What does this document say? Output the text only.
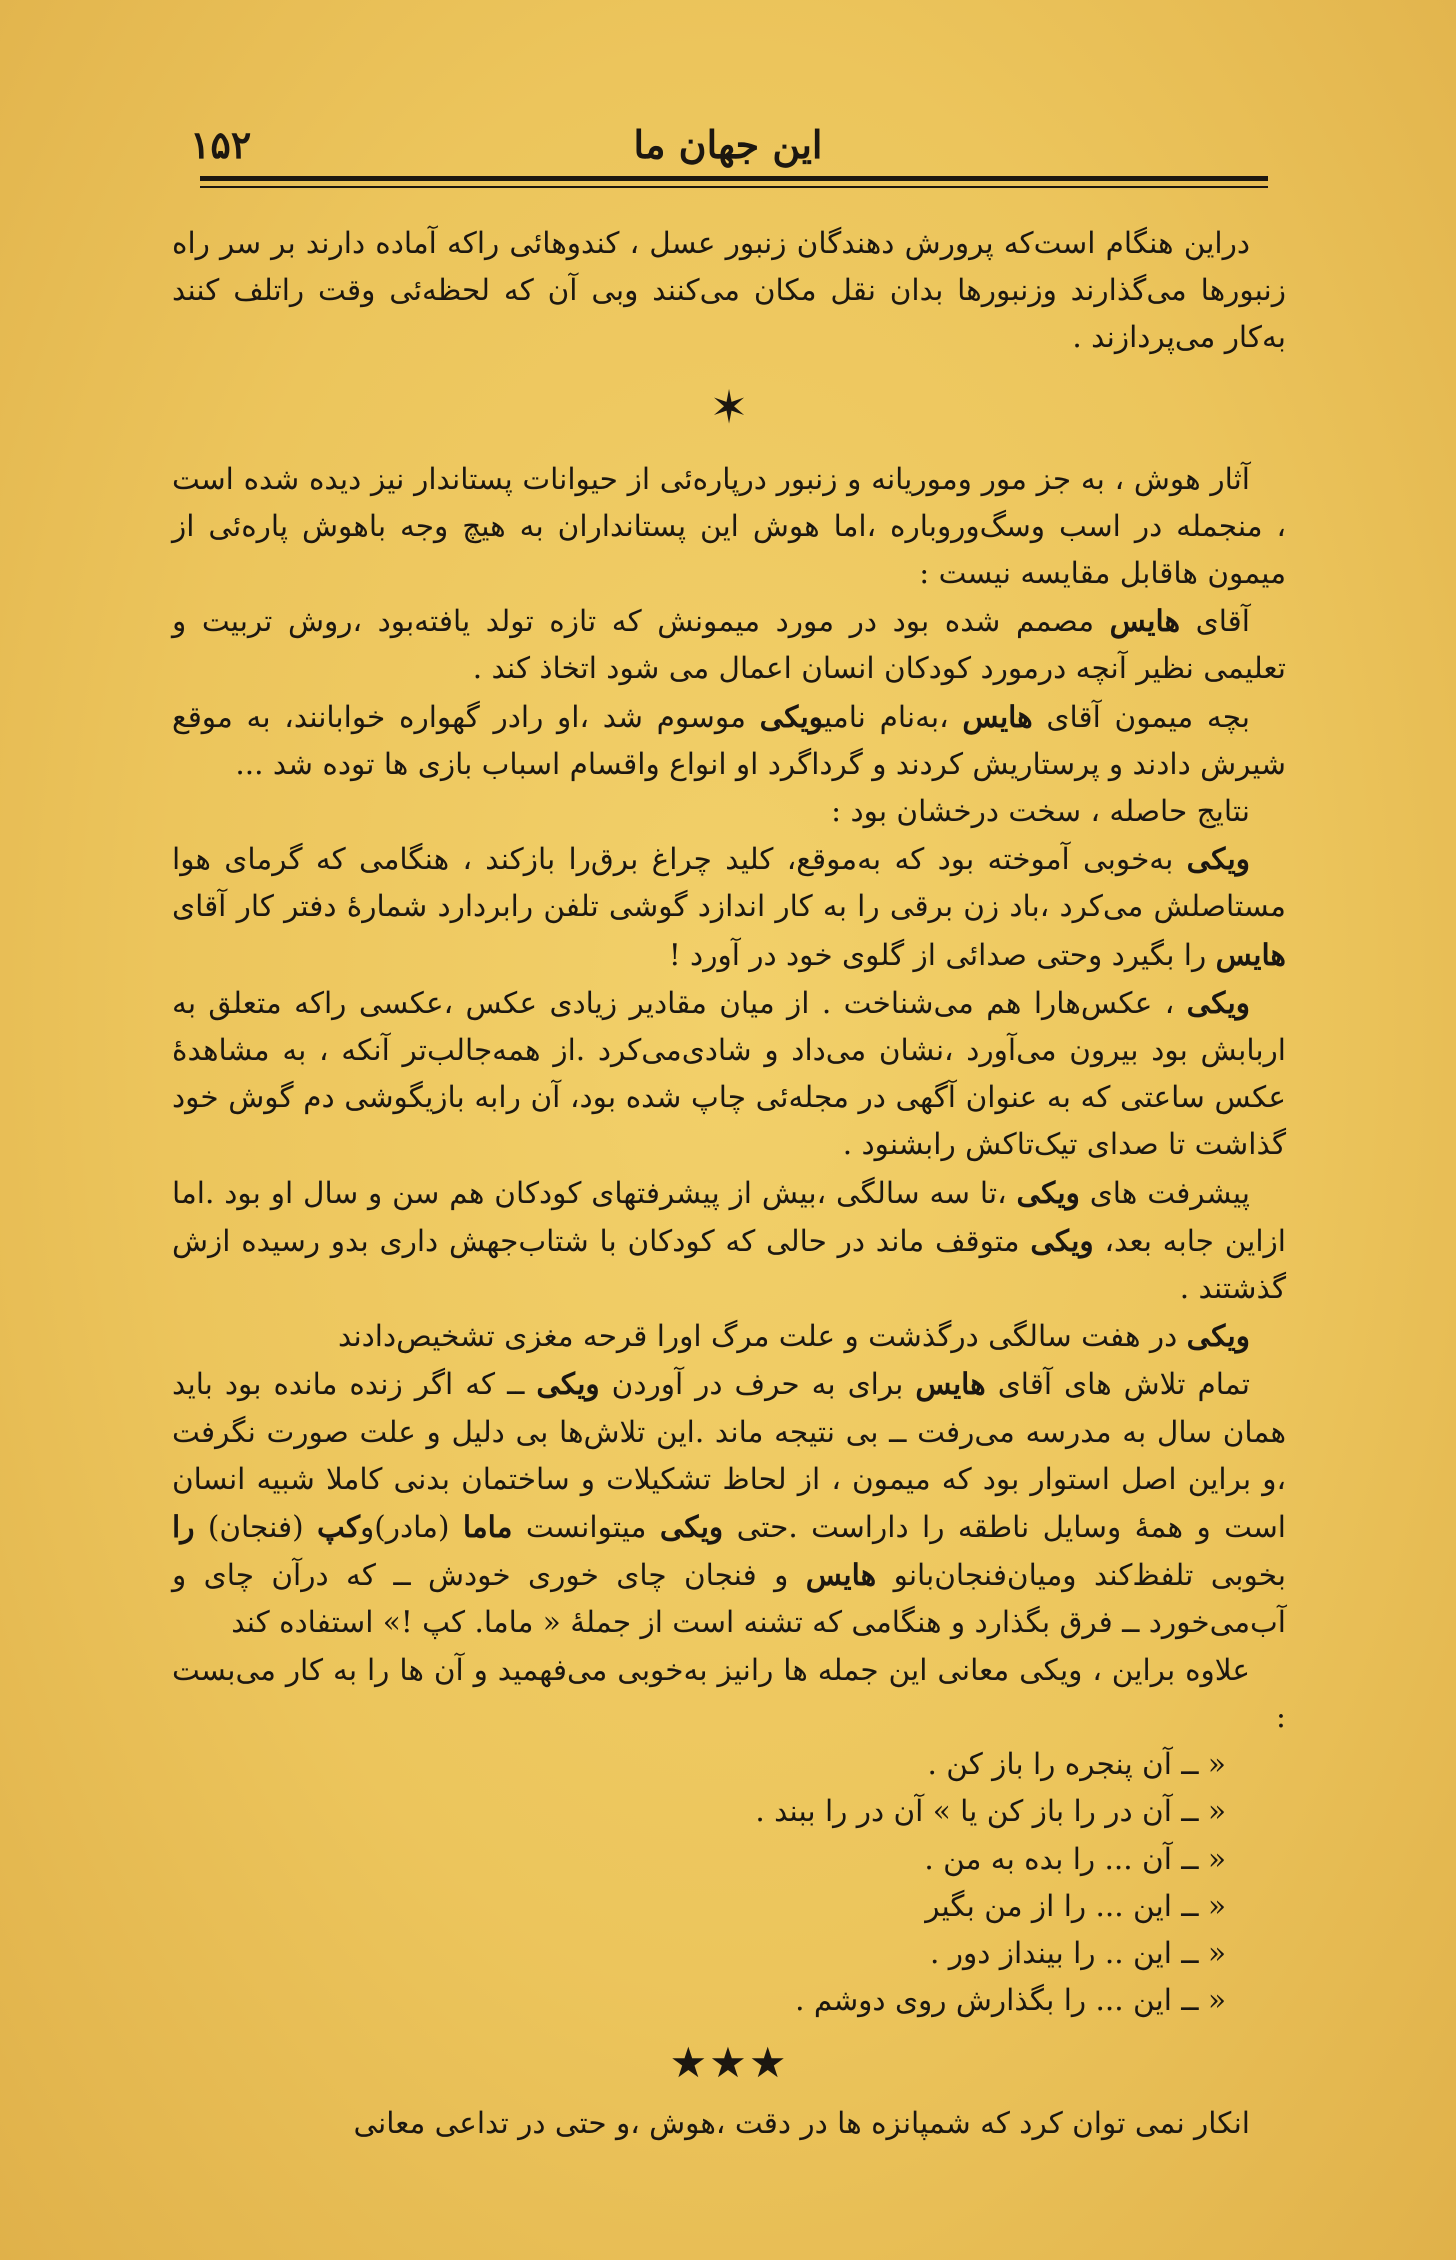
۱۵۲	این جهان ما

دراین هنگام است‌که پرورش دهندگان زنبور عسل ، کندوهائی راکه آماده دارند بر سر راه زنبورها می‌گذارند وزنبورها بدان نقل مکان می‌کنند وبی آن که لحظه‌ئی وقت راتلف کنند به‌کار می‌پردازند .

✶

آثار هوش ، به جز مور وموریانه و زنبور درپاره‌ئی از حیوانات پستاندار نیز دیده شده است ، منجمله در اسب وسگ‌وروباره ،اما هوش این پستانداران به هیچ وجه باهوش پاره‌ئی از میمون هاقابل مقایسه نیست :

آقای هایس مصمم شده بود در مورد میمونش که تازه تولد یافته‌بود ،روش تربیت و تعلیمی نظیر آنچه درمورد کودکان انسان اعمال می شود اتخاذ کند .

بچه میمون آقای هایس ،به‌نام نامیویکی موسوم شد ،او رادر گهواره خوابانند، به موقع شیرش دادند و پرستاریش کردند و گرداگرد او انواع واقسام اسباب بازی ها توده شد ...

نتایج حاصله ، سخت درخشان بود :

ویکی به‌خوبی آموخته بود که به‌موقع، کلید چراغ برق‌را بازکند ، هنگامی که گرمای هوا مستاصلش می‌کرد ،باد زن برقی را به کار اندازد گوشی تلفن رابردارد شمارهٔ دفتر کار آقای هایس را بگیرد وحتی صدائی از گلوی خود در آورد !

ویکی ، عکس‌هارا هم می‌شناخت . از میان مقادیر زیادی عکس ،عکسی راکه متعلق به اربابش بود بیرون می‌آورد ،نشان می‌داد و شادی‌می‌کرد .از همه‌جالب‌تر آنکه ، به مشاهدهٔ عکس ساعتی که به عنوان آگهی در مجله‌ئی چاپ شده بود، آن رابه بازیگوشی دم گوش خود گذاشت تا صدای تیک‌تاکش رابشنود .

پیشرفت های ویکی ،تا سه سالگی ،بیش از پیشرفتهای کودکان هم سن و سال او بود .اما ازاین جابه بعد، ویکی متوقف ماند در حالی که کودکان با شتاب‌جهش داری بدو رسیده ازش گذشتند .

ویکی در هفت سالگی درگذشت و علت مرگ اورا قرحه مغزی تشخیص‌دادند

تمام تلاش های آقای هایس برای به حرف در آوردن ویکی ــ که اگر زنده مانده بود باید همان سال به مدرسه می‌رفت ــ بی نتیجه ماند .این تلاش‌ها بی دلیل و علت صورت نگرفت ،و براین اصل استوار بود که میمون ، از لحاظ تشکیلات و ساختمان بدنی کاملا شبیه انسان است و همهٔ وسایل ناطقه را داراست .حتی ویکی میتوانست ماما (مادر)وکپ (فنجان) را بخوبی تلفظ‌کند ومیان‌فنجان‌بانو هایس و فنجان چای خوری خودش ــ که درآن چای و آب‌می‌خورد ــ فرق بگذارد و هنگامی که تشنه است از جملهٔ « ماما. کپ !» استفاده کند

علاوه براین ، ویکی معانی این جمله ها رانیز به‌خوبی می‌فهمید و آن ها را به کار می‌بست :

« ــ آن پنجره را باز کن .

« ــ آن در را باز کن یا » آن در را ببند .

« ــ آن ... را بده به من .

« ــ این ... را از من بگیر

« ــ این .. را بینداز دور .

« ــ این ... را بگذارش روی دوشم .

★★★

انکار نمی توان کرد که شمپانزه ها در دقت ،هوش ،و حتی در تداعی معانی
